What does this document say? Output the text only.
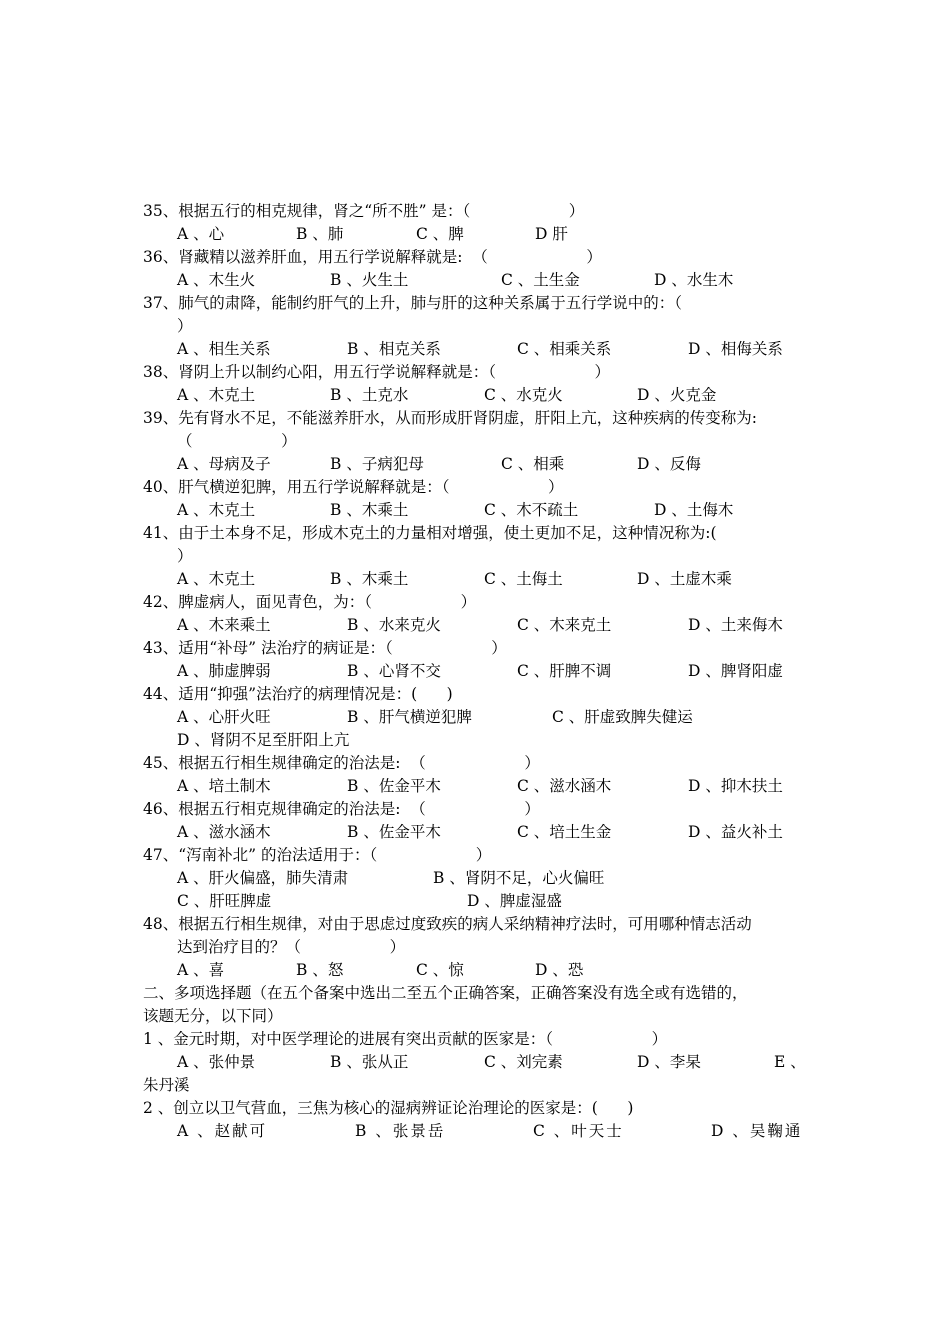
35、根据五行的相克规律，肾之“所不胜” 是：（                    ）
A 、心	B 、肺	C 、脾	D 肝
36、肾藏精以滋养肝血，用五行学说解释就是:  （                    ）
A 、木生火	B 、火生土	C 、土生金	D 、水生木
37、肺气的肃降，能制约肝气的上升，肺与肝的这种关系属于五行学说中的：（
）
A 、相生关系	B 、相克关系	C 、相乘关系	D 、相侮关系
38、肾阴上升以制约心阳，用五行学说解释就是：（                    ）
A 、木克土	B 、土克水	C 、水克火	D 、火克金
39、先有肾水不足，不能滋养肝水，从而形成肝肾阴虚，肝阳上亢，这种疾病的传变称为:
（                  ）
A 、母病及子	B 、子病犯母	C 、相乘	D 、反侮
40、肝气横逆犯脾，用五行学说解释就是：（                    ）
A 、木克土	B 、木乘土	C 、木不疏土	D 、土侮木
41、由于土本身不足，形成木克土的力量相对增强，使土更加不足，这种情况称为:(
）
A 、木克土	B 、木乘土	C 、土侮土	D 、土虚木乘
42、脾虚病人，面见青色，为：（                  ）
A 、木来乘土	B 、水来克火	C 、木来克土	D 、土来侮木
43、适用“补母” 法治疗的病证是：（                    ）
A 、肺虚脾弱	B 、心肾不交	C 、肝脾不调	D 、脾肾阳虚
44、适用“抑强”法治疗的病理情况是：(      )
A 、心肝火旺	B 、肝气横逆犯脾	C 、肝虚致脾失健运
D 、肾阴不足至肝阳上亢
45、根据五行相生规律确定的治法是:  （                    ）
A 、培土制木	B 、佐金平木	C 、滋水涵木	D 、抑木扶土
46、根据五行相克规律确定的治法是:  （                    ）
A 、滋水涵木	B 、佐金平木	C 、培土生金	D 、益火补土
47、“泻南补北” 的治法适用于：（                    ）
A 、肝火偏盛，肺失清肃	B 、肾阴不足，心火偏旺
C 、肝旺脾虚	D 、脾虚湿盛
48、根据五行相生规律，对由于思虑过度致疾的病人采纳精神疗法时，可用哪种情志活动
达到治疗目的？（                  ）
A 、喜	B 、怒	C 、惊	D 、恐
二、多项选择题（在五个备案中选出二至五个正确答案，正确答案没有选全或有选错的，
该题无分，以下同）
1 、金元时期，对中医学理论的进展有突出贡献的医家是：（                    ）
A 、张仲景	B 、张从正	C 、刘完素	D 、李杲	E 、
朱丹溪
2 、创立以卫气营血，三焦为核心的湿病辨证论治理论的医家是：(      )
A 、赵献可	B 、张景岳	C 、叶天士	D 、吴鞠通
